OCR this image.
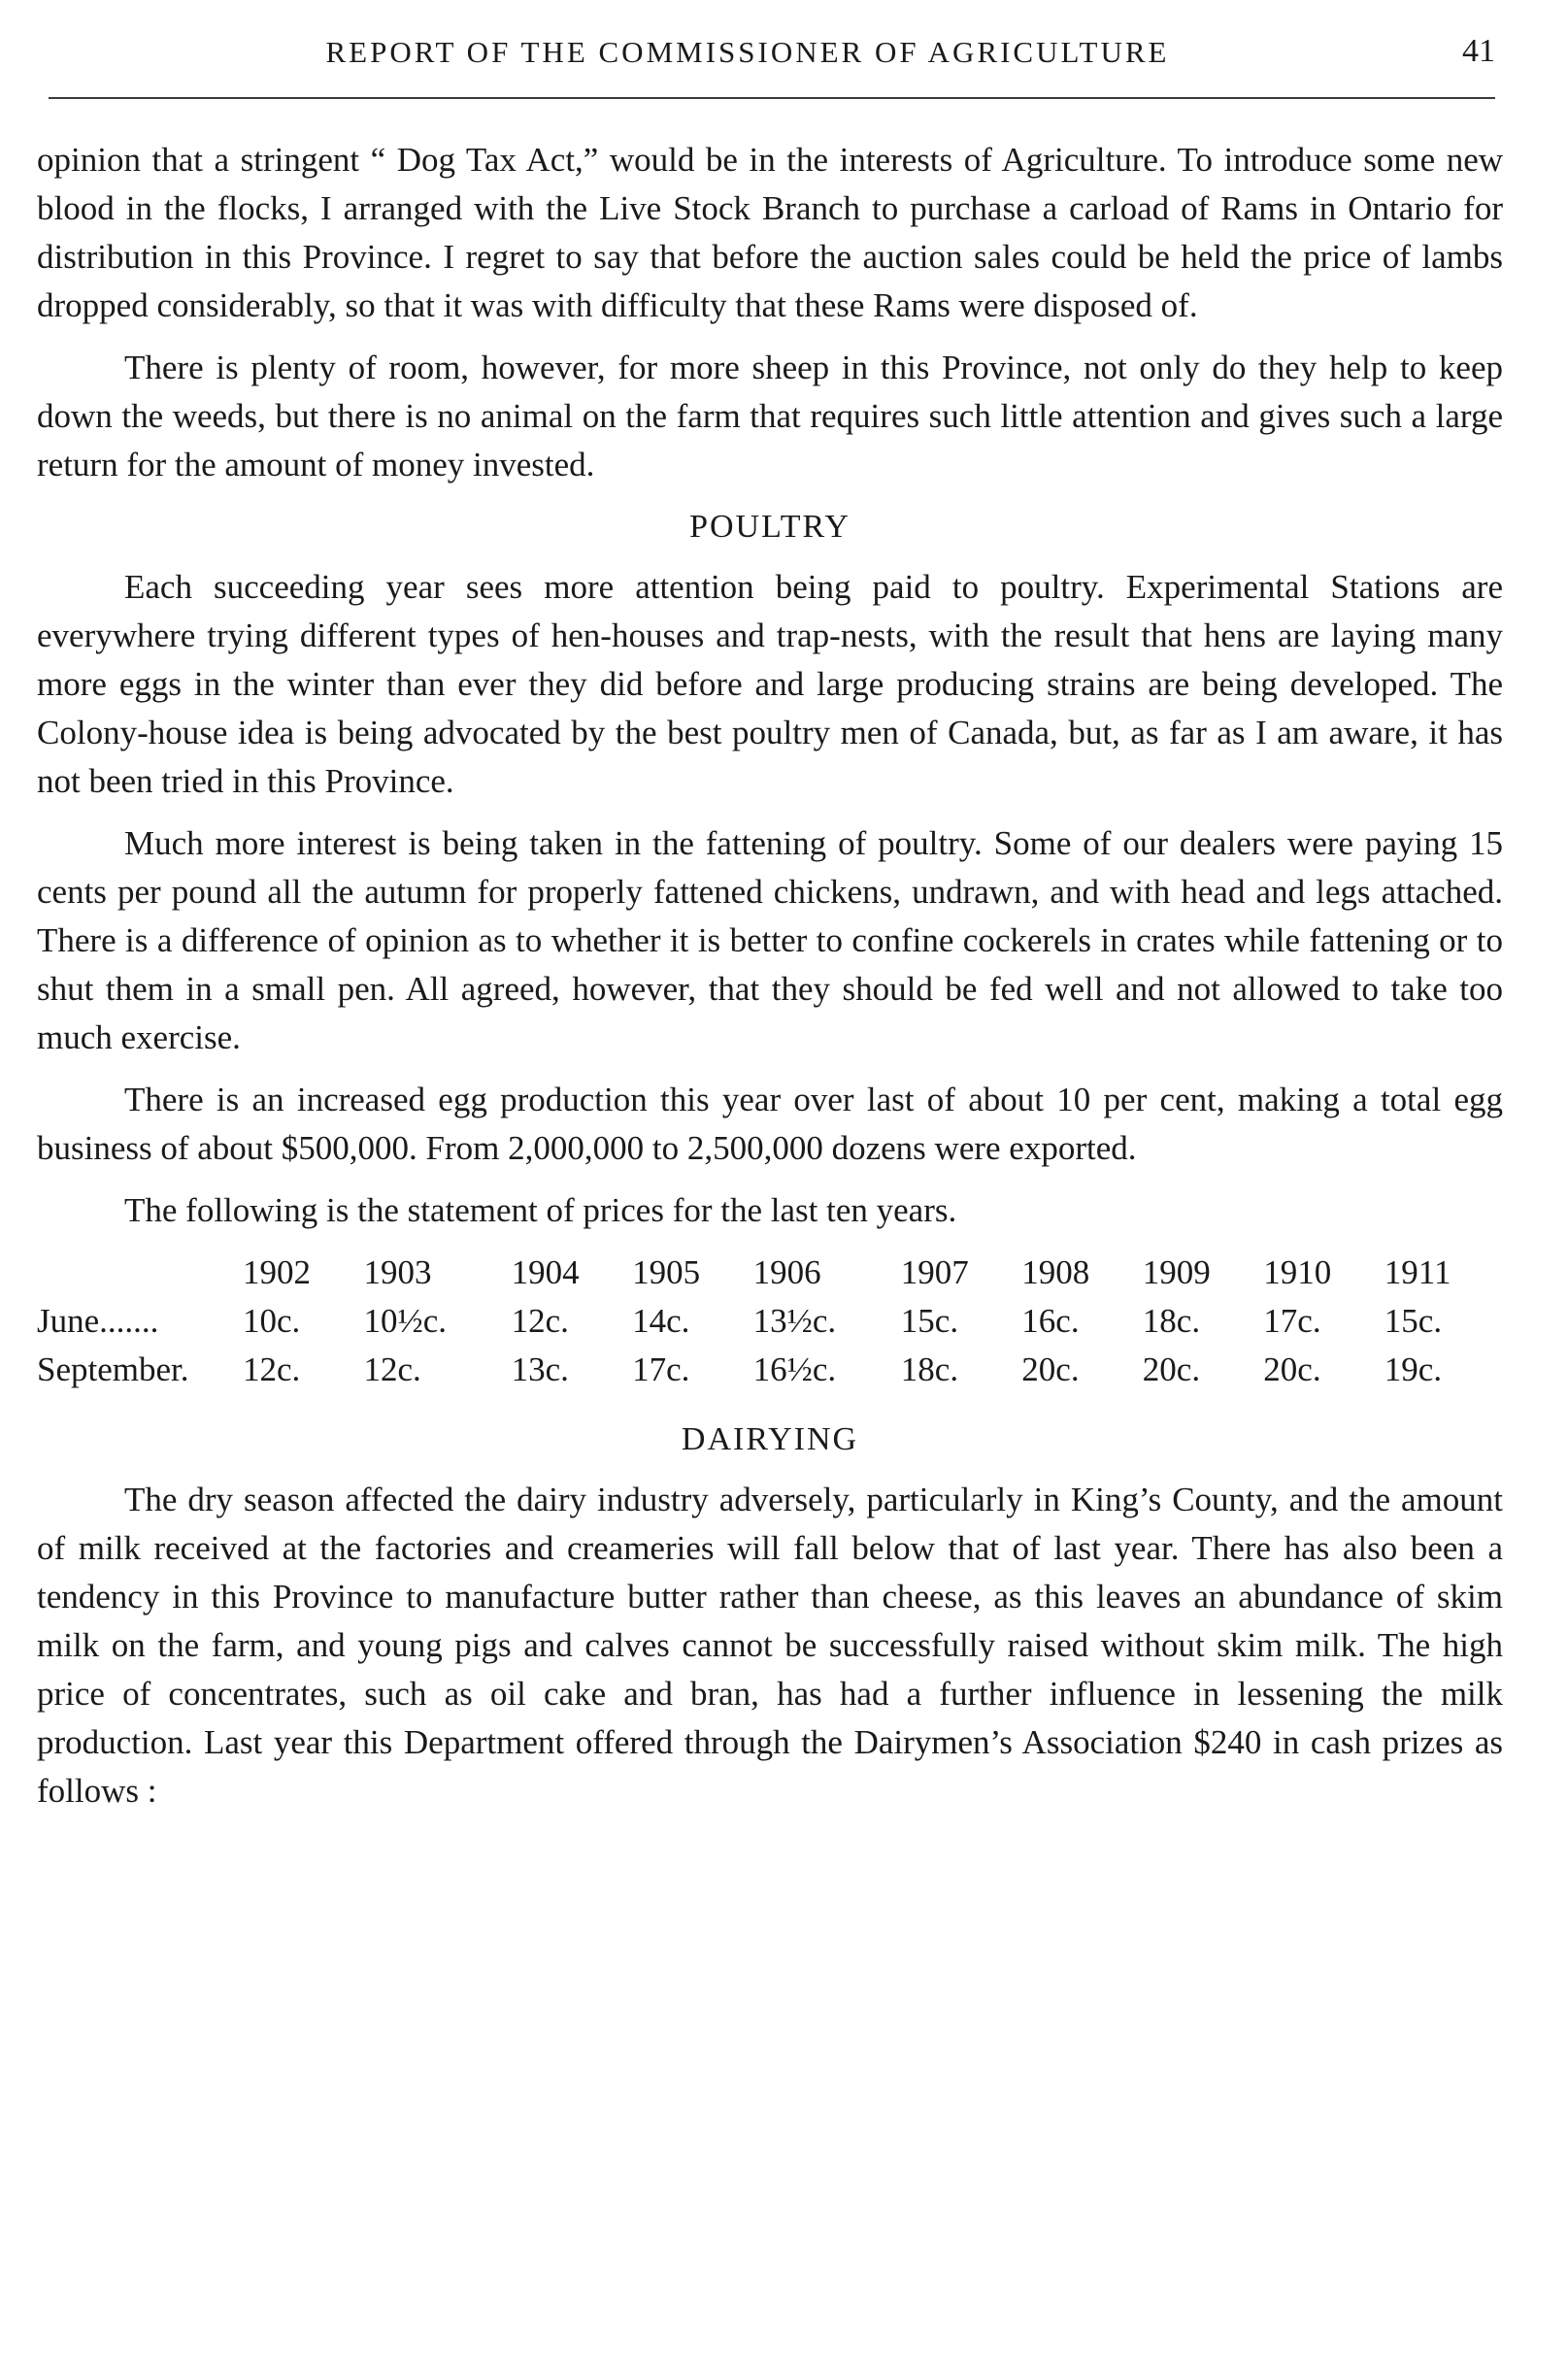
REPORT OF THE COMMISSIONER OF AGRICULTURE	41

opinion that a stringent “ Dog Tax Act,” would be in the interests of Agriculture. To introduce some new blood in the flocks, I arranged with the Live Stock Branch to purchase a carload of Rams in Ontario for distribution in this Province. I regret to say that before the auction sales could be held the price of lambs dropped considerably, so that it was with difficulty that these Rams were disposed of.

There is plenty of room, however, for more sheep in this Province, not only do they help to keep down the weeds, but there is no animal on the farm that requires such little attention and gives such a large return for the amount of money invested.

POULTRY

Each succeeding year sees more attention being paid to poultry. Experimental Stations are everywhere trying different types of hen-houses and trap-nests, with the result that hens are laying many more eggs in the winter than ever they did before and large producing strains are being developed. The Colony-house idea is being advocated by the best poultry men of Canada, but, as far as I am aware, it has not been tried in this Province.

Much more interest is being taken in the fattening of poultry. Some of our dealers were paying 15 cents per pound all the autumn for properly fattened chickens, undrawn, and with head and legs attached. There is a difference of opinion as to whether it is better to confine cockerels in crates while fattening or to shut them in a small pen. All agreed, however, that they should be fed well and not allowed to take too much exercise.

There is an increased egg production this year over last of about 10 per cent, making a total egg business of about $500,000. From 2,000,000 to 2,500,000 dozens were exported.

The following is the statement of prices for the last ten years.

	1902	1903	1904	1905	1906	1907	1908	1909	1910	1911
June.......	10c.	10½c.	12c.	14c.	13½c.	15c.	16c.	18c.	17c.	15c.
September.	12c.	12c.	13c.	17c.	16½c.	18c.	20c.	20c.	20c.	19c.
DAIRYING

The dry season affected the dairy industry adversely, particularly in King’s County, and the amount of milk received at the factories and creameries will fall below that of last year. There has also been a tendency in this Province to manufacture butter rather than cheese, as this leaves an abundance of skim milk on the farm, and young pigs and calves cannot be successfully raised without skim milk. The high price of concentrates, such as oil cake and bran, has had a further influence in lessening the milk production. Last year this Department offered through the Dairymen’s Association $240 in cash prizes as follows :
